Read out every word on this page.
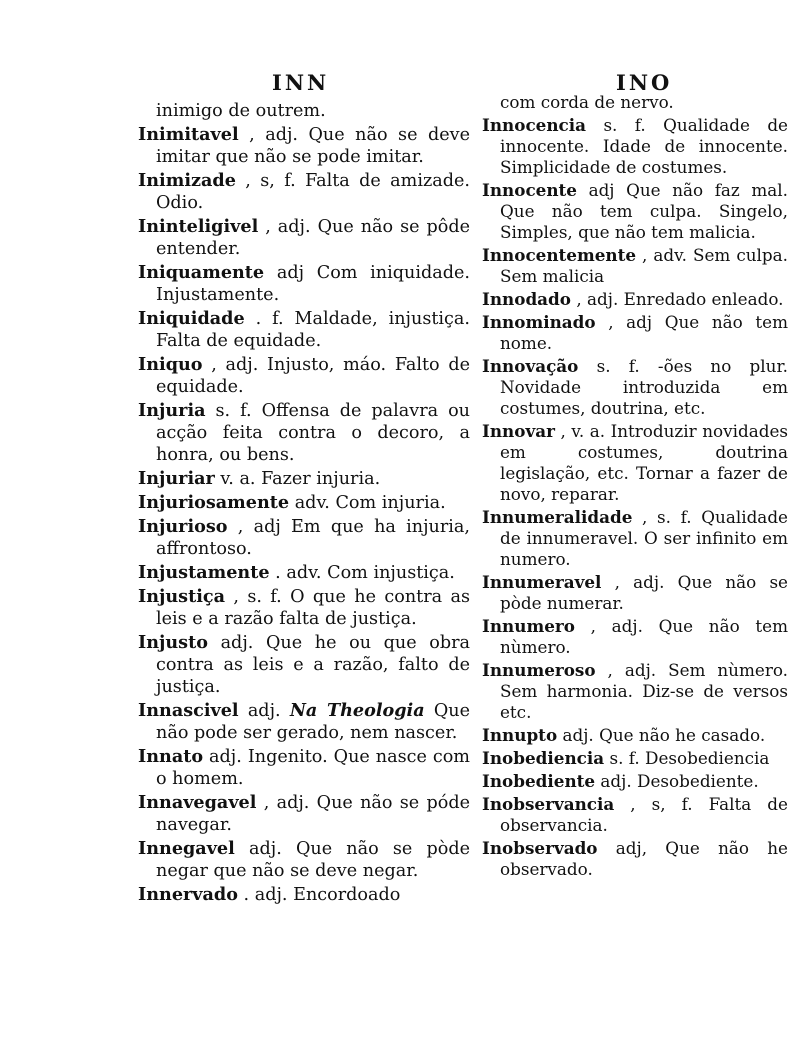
INN	INO

inimigo de outrem.

Inimitavel , adj. Que não se deve imitar que não se pode imitar.

Inimizade , s, f. Falta de amizade. Odio.

Ininteligivel , adj. Que não se pôde entender.

Iniquamente adj Com iniquidade. Injustamente.

Iniquidade . f. Maldade, injustiça. Falta de equidade.

Iniquo , adj. Injusto, máo. Falto de equidade.

Injuria s. f. Offensa de palavra ou acção feita contra o decoro, a honra, ou bens.

Injuriar v. a. Fazer injuria.

Injuriosamente adv. Com injuria.

Injurioso , adj Em que ha injuria, affrontoso.

Injustamente . adv. Com injustiça.

Injustiça , s. f. O que he contra as leis e a razão falta de justiça.

Injusto adj. Que he ou que obra contra as leis e a razão, falto de justiça.

Innascivel adj. Na Theologia Que não pode ser gerado, nem nascer.

Innato adj. Ingenito. Que nasce com o homem.

Innavegavel , adj. Que não se póde navegar.

Innegavel adj. Que não se pòde negar que não se deve negar.

Innervado . adj. Encordoado

com corda de nervo.

Innocencia s. f. Qualidade de innocente. Idade de innocente. Simplicidade de costumes.

Innocente adj Que não faz mal. Que não tem culpa. Singelo, Simples, que não tem malicia.

Innocentemente , adv. Sem culpa. Sem malicia

Innodado , adj. Enredado enleado.

Innominado , adj Que não tem nome.

Innovação s. f. -ões no plur. Novidade introduzida em costumes, doutrina, etc.

Innovar , v. a. Introduzir novidades em costumes, doutrina legislação, etc. Tornar a fazer de novo, reparar.

Innumeralidade , s. f. Qualidade de innumeravel. O ser infinito em numero.

Innumeravel , adj. Que não se pòde numerar.

Innumero , adj. Que não tem nùmero.

Innumeroso , adj. Sem nùmero. Sem harmonia. Diz-se de versos etc.

Innupto adj. Que não he casado.

Inobediencia s. f. Desobediencia

Inobediente adj. Desobediente.

Inobservancia , s, f. Falta de observancia.

Inobservado adj, Que não he observado.
